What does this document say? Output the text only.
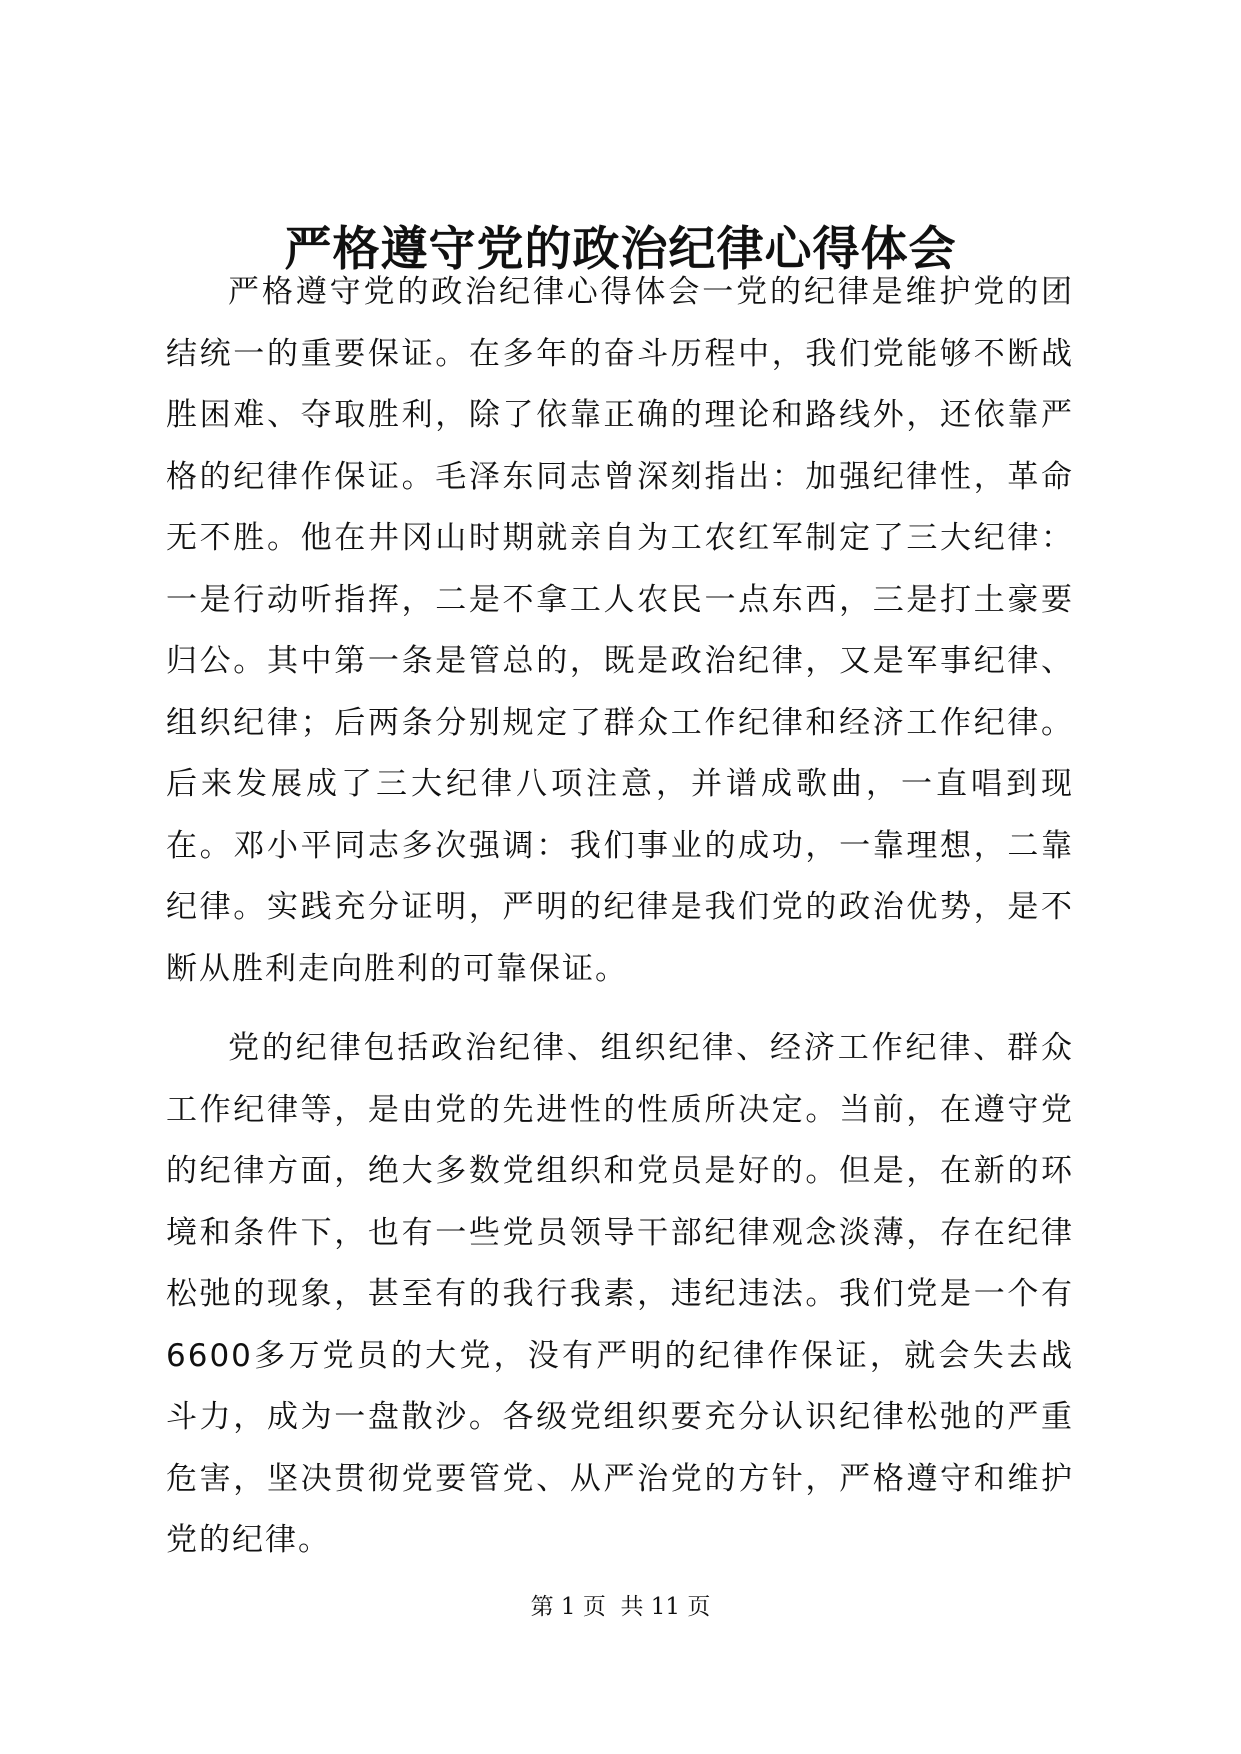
严格遵守党的政治纪律心得体会

严格遵守党的政治纪律心得体会一党的纪律是维护党的团结统一的重要保证。在多年的奋斗历程中，我们党能够不断战胜困难、夺取胜利，除了依靠正确的理论和路线外，还依靠严格的纪律作保证。毛泽东同志曾深刻指出：加强纪律性，革命无不胜。他在井冈山时期就亲自为工农红军制定了三大纪律：一是行动听指挥，二是不拿工人农民一点东西，三是打土豪要归公。其中第一条是管总的，既是政治纪律，又是军事纪律、组织纪律；后两条分别规定了群众工作纪律和经济工作纪律。后来发展成了三大纪律八项注意，并谱成歌曲，一直唱到现在。邓小平同志多次强调：我们事业的成功，一靠理想，二靠纪律。实践充分证明，严明的纪律是我们党的政治优势，是不断从胜利走向胜利的可靠保证。

党的纪律包括政治纪律、组织纪律、经济工作纪律、群众工作纪律等，是由党的先进性的性质所决定。当前，在遵守党的纪律方面，绝大多数党组织和党员是好的。但是，在新的环境和条件下，也有一些党员领导干部纪律观念淡薄，存在纪律松弛的现象，甚至有的我行我素，违纪违法。我们党是一个有6600多万党员的大党，没有严明的纪律作保证，就会失去战斗力，成为一盘散沙。各级党组织要充分认识纪律松弛的严重危害，坚决贯彻党要管党、从严治党的方针，严格遵守和维护党的纪律。

第 1 页  共 11 页
